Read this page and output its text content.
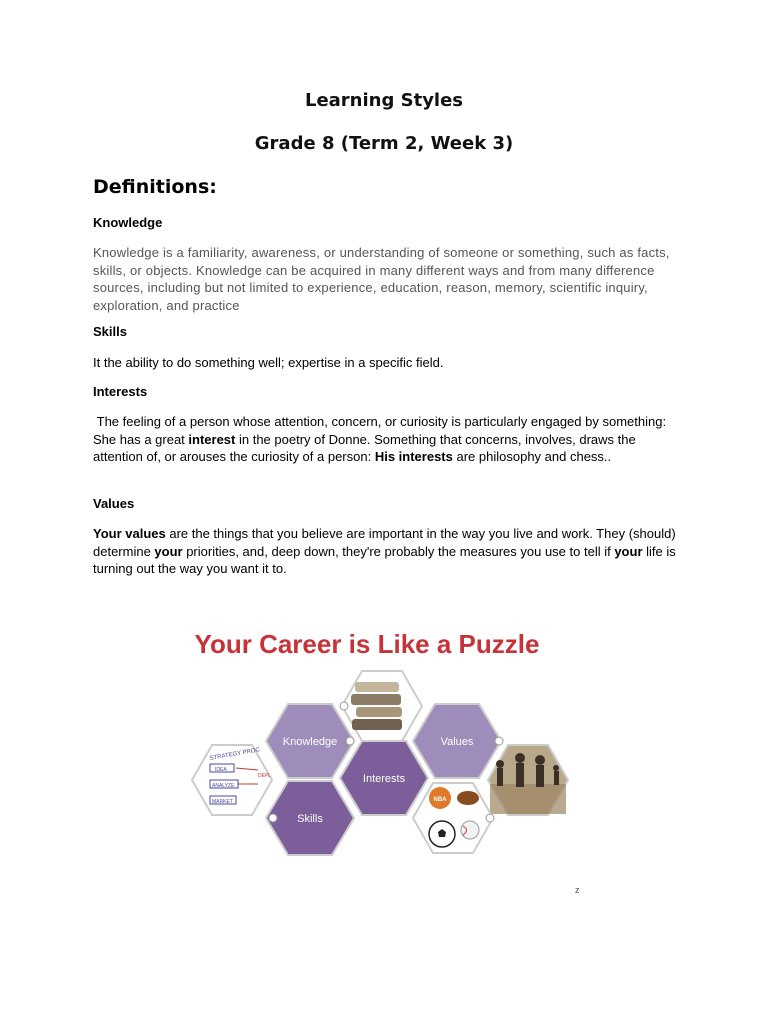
Learning Styles
Grade 8 (Term 2, Week 3)
Definitions:
Knowledge
Knowledge is a familiarity, awareness, or understanding of someone or something, such as facts, skills, or objects. Knowledge can be acquired in many different ways and from many difference sources, including but not limited to experience, education, reason, memory, scientific inquiry, exploration, and practice
Skills
It the ability to do something well; expertise in a specific field.
Interests
The feeling of a person whose attention, concern, or curiosity is particularly engaged by something: She has a great interest in the poetry of Donne. Something that concerns, involves, draws the attention of, or arouses the curiosity of a person: His interests are philosophy and chess..
Values
Your values are the things that you believe are important in the way you live and work. They (should) determine your priorities, and, deep down, they're probably the measures you use to tell if your life is turning out the way you want it to.
Your Career is Like a Puzzle
STRATEGY PROC
IDEA
ANALYZE
MARKET
DEPL
Knowledge	Values
Interests
Skills
NBA
z
